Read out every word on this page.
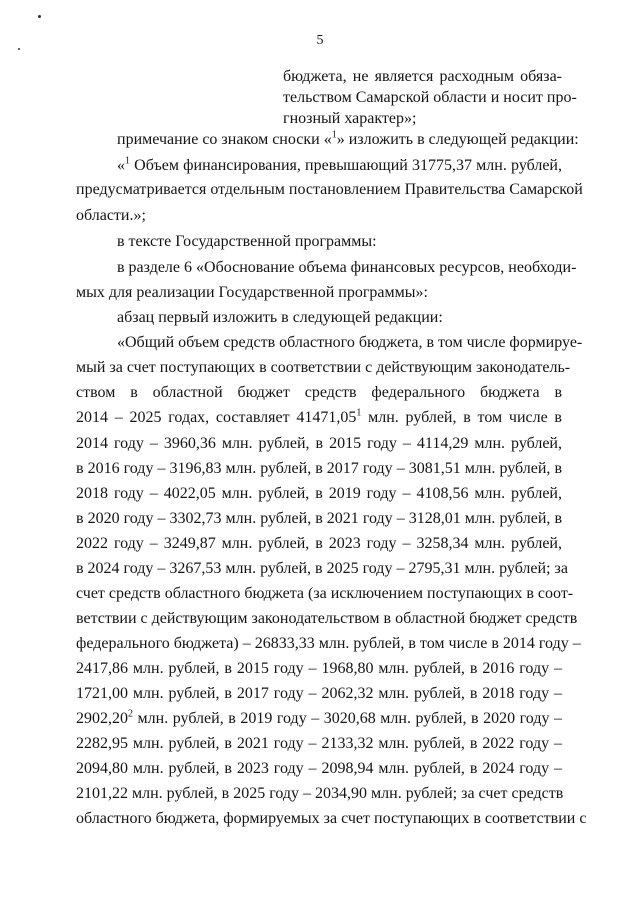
5
бюджета, не является расходным обяза-
тельством Самарской области и носит про-
гнозный характер»;
примечание со знаком сноски «$^1$» изложить в следующей редакции:
«$^1$ Объем финансирования, превышающий 31775,37 млн. рублей,
предусматривается отдельным постановлением Правительства Самарской
области.»;
в тексте Государственной программы:
в разделе 6 «Обоснование объема финансовых ресурсов, необходи-
мых для реализации Государственной программы»:
абзац первый изложить в следующей редакции:
«Общий объем средств областного бюджета, в том числе формируе-
мый за счет поступающих в соответствии с действующим законодатель-
ством в областной бюджет средств федерального бюджета в
2014 – 2025 годах, составляет 41471,05$^1$ млн. рублей, в том числе в
2014 году – 3960,36 млн. рублей, в 2015 году – 4114,29 млн. рублей,
в 2016 году – 3196,83 млн. рублей, в 2017 году – 3081,51 млн. рублей, в
2018 году – 4022,05 млн. рублей, в 2019 году – 4108,56 млн. рублей,
в 2020 году – 3302,73 млн. рублей, в 2021 году – 3128,01 млн. рублей, в
2022 году – 3249,87 млн. рублей, в 2023 году – 3258,34 млн. рублей,
в 2024 году – 3267,53 млн. рублей, в 2025 году – 2795,31 млн. рублей; за
счет средств областного бюджета (за исключением поступающих в соот-
ветствии с действующим законодательством в областной бюджет средств
федерального бюджета) – 26833,33 млн. рублей, в том числе в 2014 году –
2417,86 млн. рублей, в 2015 году – 1968,80 млн. рублей, в 2016 году –
1721,00 млн. рублей, в 2017 году – 2062,32 млн. рублей, в 2018 году –
2902,20$^2$ млн. рублей, в 2019 году – 3020,68 млн. рублей, в 2020 году –
2282,95 млн. рублей, в 2021 году – 2133,32 млн. рублей, в 2022 году –
2094,80 млн. рублей, в 2023 году – 2098,94 млн. рублей, в 2024 году –
2101,22 млн. рублей, в 2025 году – 2034,90 млн. рублей; за счет средств
областного бюджета, формируемых за счет поступающих в соответствии с
